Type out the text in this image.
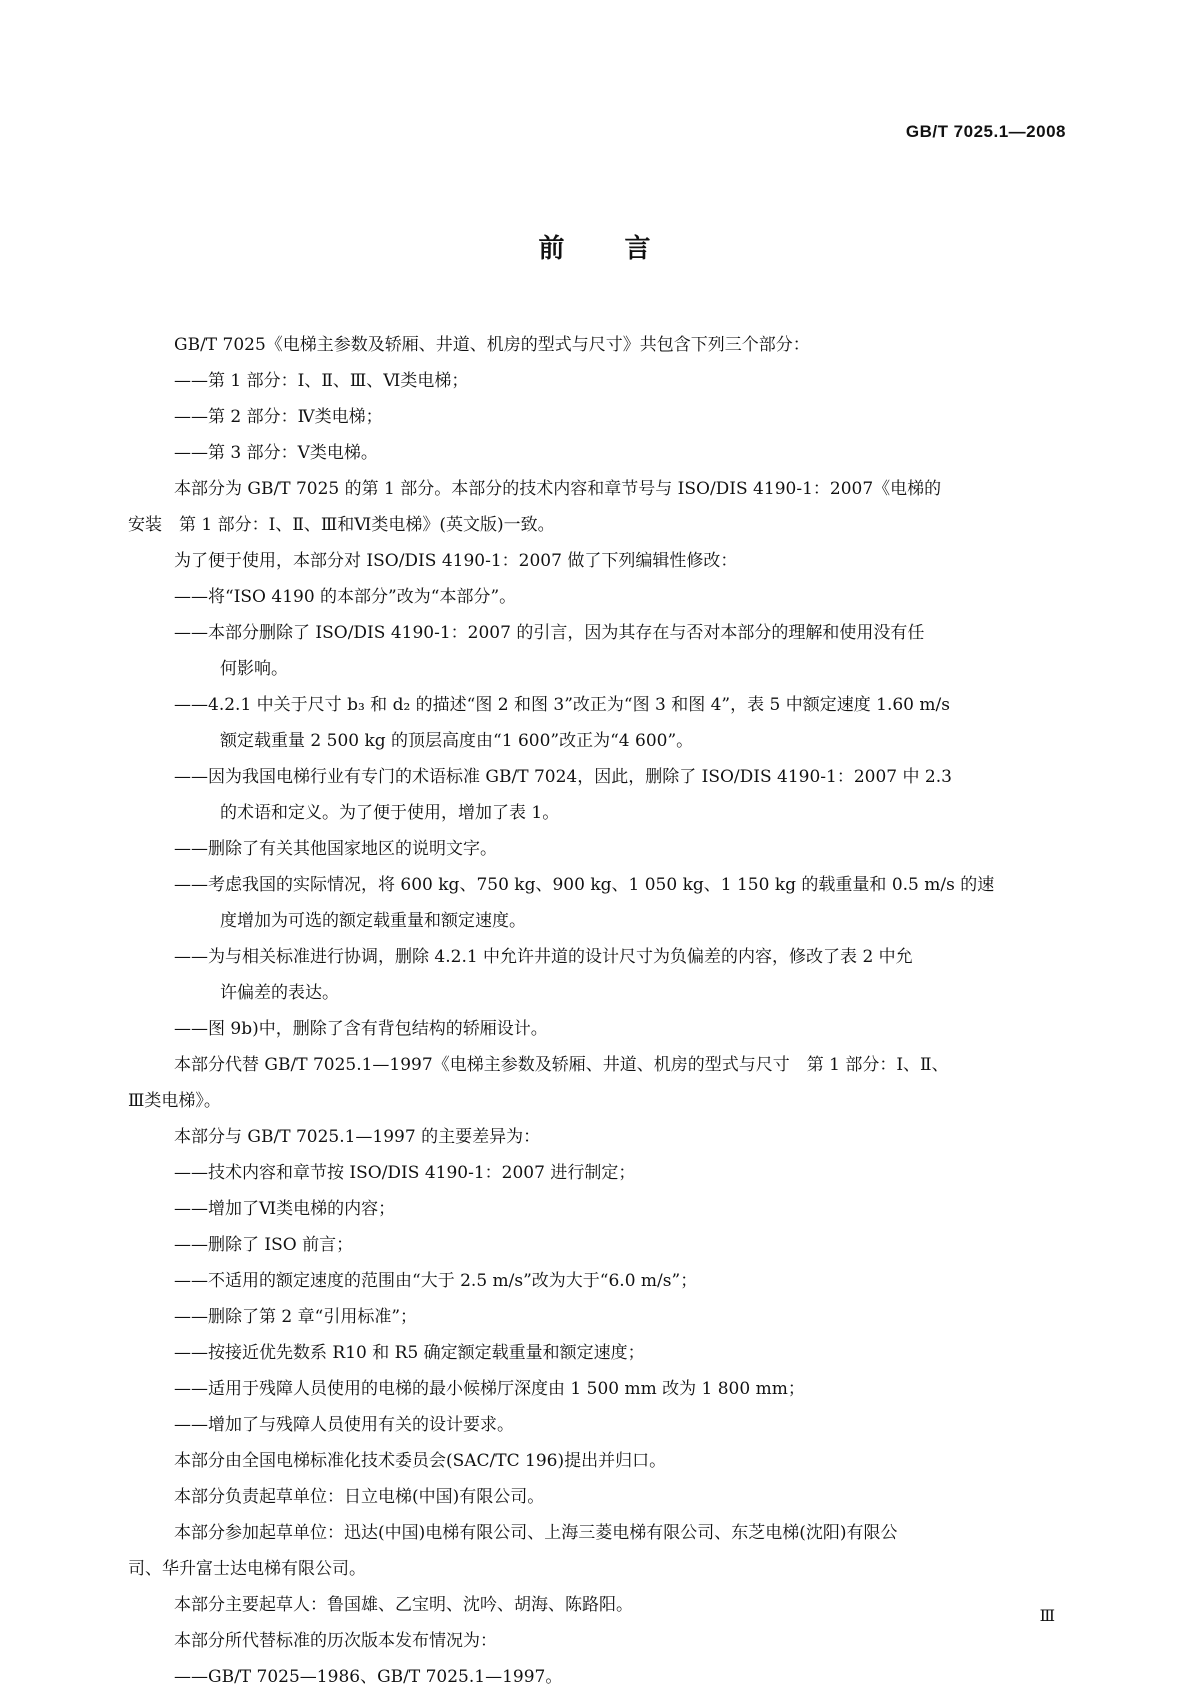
GB/T 7025.1—2008
前 言

GB/T 7025《电梯主参数及轿厢、井道、机房的型式与尺寸》共包含下列三个部分：

——第 1 部分：Ⅰ、Ⅱ、Ⅲ、Ⅵ类电梯；

——第 2 部分：Ⅳ类电梯；

——第 3 部分：Ⅴ类电梯。

本部分为 GB/T 7025 的第 1 部分。本部分的技术内容和章节号与 ISO/DIS 4190-1：2007《电梯的

安装　第 1 部分：Ⅰ、Ⅱ、Ⅲ和Ⅵ类电梯》(英文版)一致。

为了便于使用，本部分对 ISO/DIS 4190-1：2007 做了下列编辑性修改：

——将“ISO 4190 的本部分”改为“本部分”。

——本部分删除了 ISO/DIS 4190-1：2007 的引言，因为其存在与否对本部分的理解和使用没有任

何影响。

——4.2.1 中关于尺寸 b₃ 和 d₂ 的描述“图 2 和图 3”改正为“图 3 和图 4”，表 5 中额定速度 1.60 m/s

额定载重量 2 500 kg 的顶层高度由“1 600”改正为“4 600”。

——因为我国电梯行业有专门的术语标准 GB/T 7024，因此，删除了 ISO/DIS 4190-1：2007 中 2.3

的术语和定义。为了便于使用，增加了表 1。

——删除了有关其他国家地区的说明文字。

——考虑我国的实际情况，将 600 kg、750 kg、900 kg、1 050 kg、1 150 kg 的载重量和 0.5 m/s 的速

度增加为可选的额定载重量和额定速度。

——为与相关标准进行协调，删除 4.2.1 中允许井道的设计尺寸为负偏差的内容，修改了表 2 中允

许偏差的表达。

——图 9b)中，删除了含有背包结构的轿厢设计。

本部分代替 GB/T 7025.1—1997《电梯主参数及轿厢、井道、机房的型式与尺寸　第 1 部分：Ⅰ、Ⅱ、

Ⅲ类电梯》。

本部分与 GB/T 7025.1—1997 的主要差异为：

——技术内容和章节按 ISO/DIS 4190-1：2007 进行制定；

——增加了Ⅵ类电梯的内容；

——删除了 ISO 前言；

——不适用的额定速度的范围由“大于 2.5 m/s”改为大于“6.0 m/s”；

——删除了第 2 章“引用标准”；

——按接近优先数系 R10 和 R5 确定额定载重量和额定速度；

——适用于残障人员使用的电梯的最小候梯厅深度由 1 500 mm 改为 1 800 mm；

——增加了与残障人员使用有关的设计要求。

本部分由全国电梯标准化技术委员会(SAC/TC 196)提出并归口。

本部分负责起草单位：日立电梯(中国)有限公司。

本部分参加起草单位：迅达(中国)电梯有限公司、上海三菱电梯有限公司、东芝电梯(沈阳)有限公

司、华升富士达电梯有限公司。

本部分主要起草人：鲁国雄、乙宝明、沈吟、胡海、陈路阳。

本部分所代替标准的历次版本发布情况为：

——GB/T 7025—1986、GB/T 7025.1—1997。

Ⅲ
